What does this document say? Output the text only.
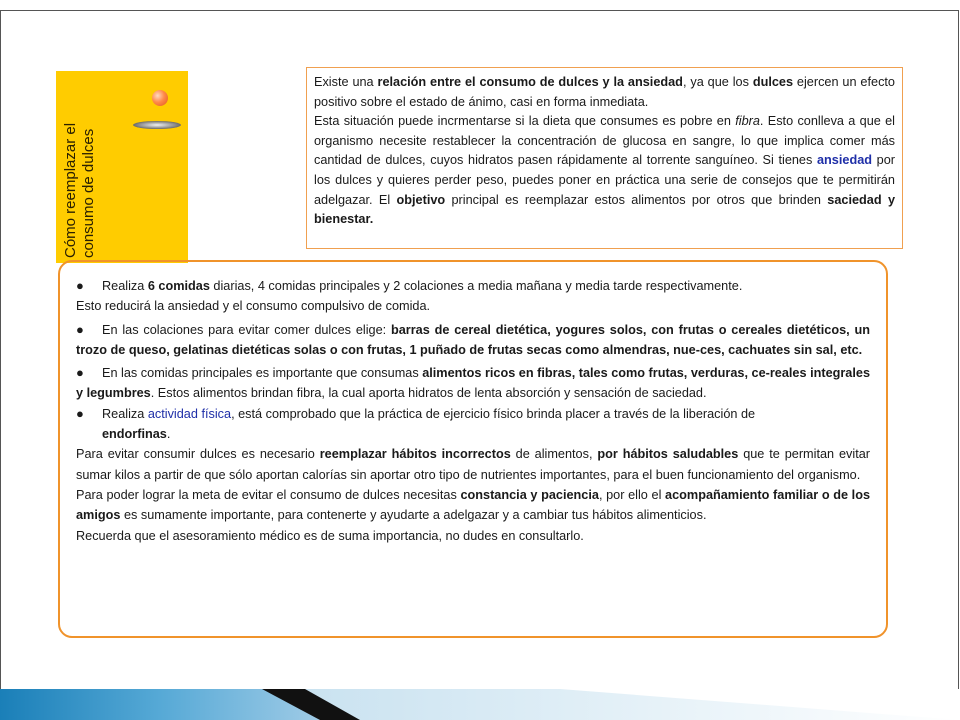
Cómo reemplazar el consumo de dulces

Existe una relación entre el consumo de dulces y la ansiedad, ya que los dulces ejercen un efecto positivo sobre el estado de ánimo, casi en forma inmediata.

Esta situación puede incrmentarse si la dieta que consumes es pobre en fibra. Esto conlleva a que el organismo necesite restablecer la concentración de glucosa en sangre, lo que implica comer más cantidad de dulces, cuyos hidratos pasen rápidamente al torrente sanguíneo. Si tienes ansiedad por los dulces y quieres perder peso, puedes poner en práctica una serie de consejos que te permitirán adelgazar. El objetivo principal es reemplazar estos alimentos por otros que brinden saciedad y bienestar.

● Realiza 6 comidas diarias, 4 comidas principales y 2 colaciones a media mañana y media tarde respectivamente.

Esto reducirá la ansiedad y el consumo compulsivo de comida.

● En las colaciones para evitar comer dulces elige: barras de cereal dietética, yogures solos, con frutas o cereales dietéticos, un trozo de queso, gelatinas dietéticas solas o con frutas, 1 puñado de frutas secas como almendras, nue-ces, cachuates sin sal, etc.

● En las comidas principales es importante que consumas alimentos ricos en fibras, tales como frutas, verduras, ce-reales integrales y legumbres. Estos alimentos brindan fibra, la cual aporta hidratos de lenta absorción y sensación de saciedad.

● Realiza actividad física, está comprobado que la práctica de ejercicio físico brinda placer a través de la liberación de

endorfinas.

Para evitar consumir dulces es necesario reemplazar hábitos incorrectos de alimentos, por hábitos saludables que te permitan evitar sumar kilos a partir de que sólo aportan calorías sin aportar otro tipo de nutrientes importantes, para el buen funcionamiento del organismo.

Para poder lograr la meta de evitar el consumo de dulces necesitas constancia y paciencia, por ello el acompañamiento familiar o de los amigos es sumamente importante, para contenerte y ayudarte a adelgazar y a cambiar tus hábitos alimenticios.

Recuerda que el asesoramiento médico es de suma importancia, no dudes en consultarlo.
